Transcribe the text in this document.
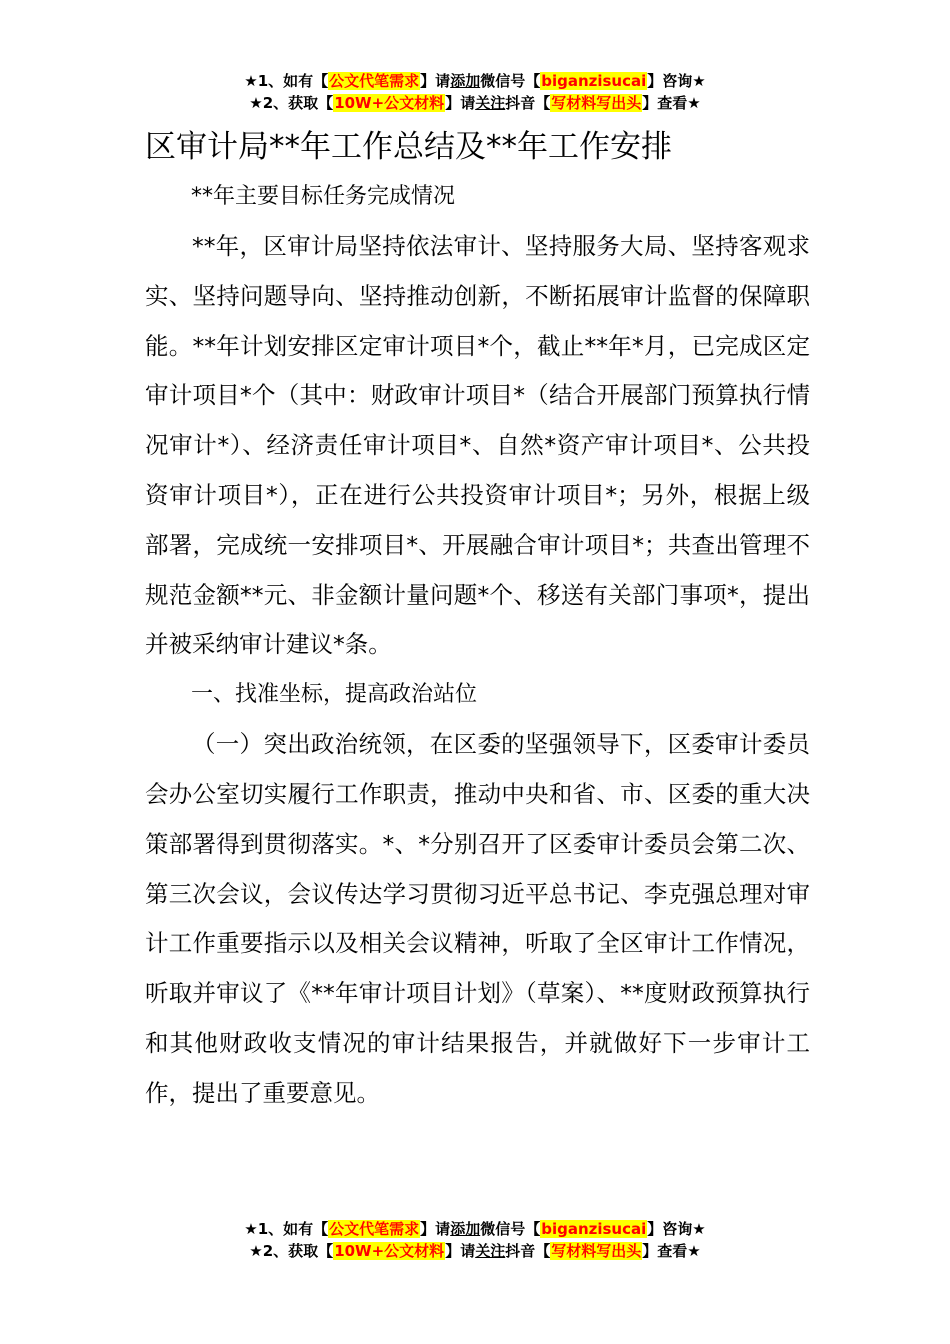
★1、如有【公文代笔需求】请添加微信号【biganzisucai】咨询★
★2、获取【10W+公文材料】请关注抖音【写材料写出头】查看★
区审计局**年工作总结及**年工作安排

**年主要目标任务完成情况

**年，区审计局坚持依法审计、坚持服务大局、坚持客观求实、坚持问题导向、坚持推动创新，不断拓展审计监督的保障职能。**年计划安排区定审计项目*个，截止**年*月，已完成区定审计项目*个（其中：财政审计项目*（结合开展部门预算执行情况审计*）、经济责任审计项目*、自然*资产审计项目*、公共投资审计项目*），正在进行公共投资审计项目*；另外，根据上级部署，完成统一安排项目*、开展融合审计项目*；共查出管理不规范金额**元、非金额计量问题*个、移送有关部门事项*，提出并被采纳审计建议*条。

一、找准坐标，提高政治站位

（一）突出政治统领，在区委的坚强领导下，区委审计委员会办公室切实履行工作职责，推动中央和省、市、区委的重大决策部署得到贯彻落实。*、*分别召开了区委审计委员会第二次、第三次会议，会议传达学习贯彻习近平总书记、李克强总理对审计工作重要指示以及相关会议精神，听取了全区审计工作情况，听取并审议了《**年审计项目计划》（草案）、**度财政预算执行和其他财政收支情况的审计结果报告，并就做好下一步审计工作，提出了重要意见。

★1、如有【公文代笔需求】请添加微信号【biganzisucai】咨询★
★2、获取【10W+公文材料】请关注抖音【写材料写出头】查看★
